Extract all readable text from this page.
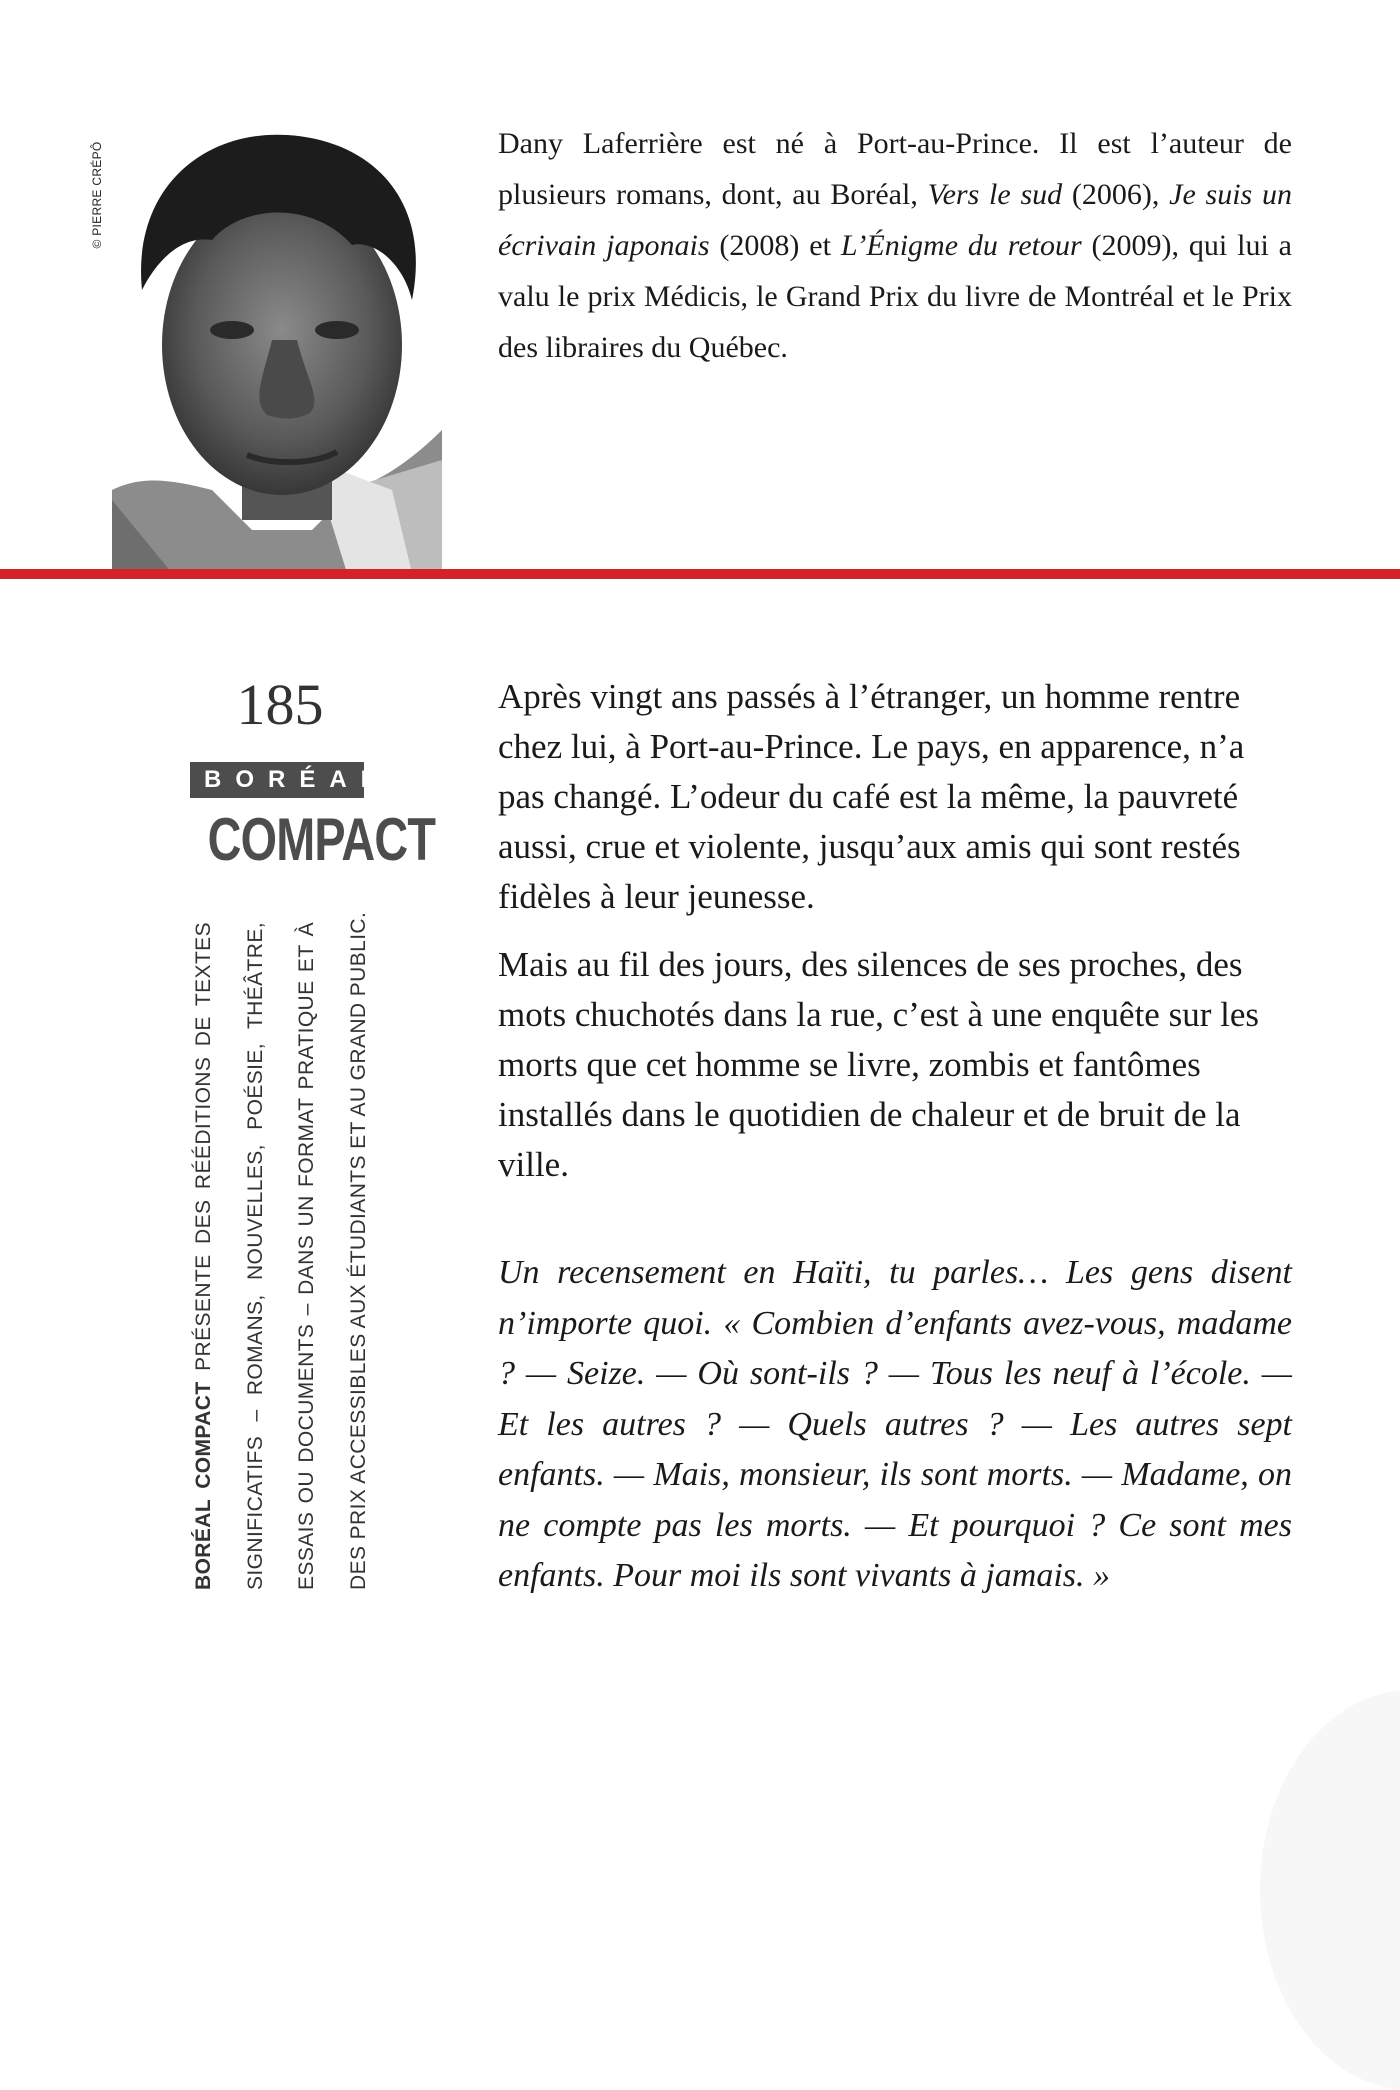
© PIERRE CRÉPÔ	Dany Laferrière est né à Port-au-Prince. Il est l’auteur de plusieurs romans, dont, au Boréal, Vers le sud (2006), Je suis un écrivain japonais (2008) et L’Énigme du retour (2009), qui lui a valu le prix Médicis, le Grand Prix du livre de Montréal et le Prix des libraires du Québec.

185
BORÉAL
COMPACT
BORÉAL COMPACT PRÉSENTE DES RÉÉDITIONS DE TEXTES	SIGNIFICATIFS – ROMANS, NOUVELLES, POÉSIE, THÉÂTRE,	ESSAIS OU DOCUMENTS – DANS UN FORMAT PRATIQUE ET À	DES PRIX ACCESSIBLES AUX ÉTUDIANTS ET AU GRAND PUBLIC.

Après vingt ans passés à l’étranger, un homme rentre chez lui, à Port-au-Prince. Le pays, en apparence, n’a pas changé. L’odeur du café est la même, la pauvreté aussi, crue et violente, jusqu’aux amis qui sont restés fidèles à leur jeunesse.

Mais au fil des jours, des silences de ses proches, des mots chuchotés dans la rue, c’est à une enquête sur les morts que cet homme se livre, zombis et fantômes installés dans le quotidien de chaleur et de bruit de la ville.

Un recensement en Haïti, tu parles… Les gens disent n’importe quoi. « Combien d’enfants avez-vous, madame ? — Seize. — Où sont-ils ? — Tous les neuf à l’école. — Et les autres ? — Quels autres ? — Les autres sept enfants. — Mais, monsieur, ils sont morts. — Madame, on ne compte pas les morts. — Et pourquoi ? Ce sont mes enfants. Pour moi ils sont vivants à jamais. »
